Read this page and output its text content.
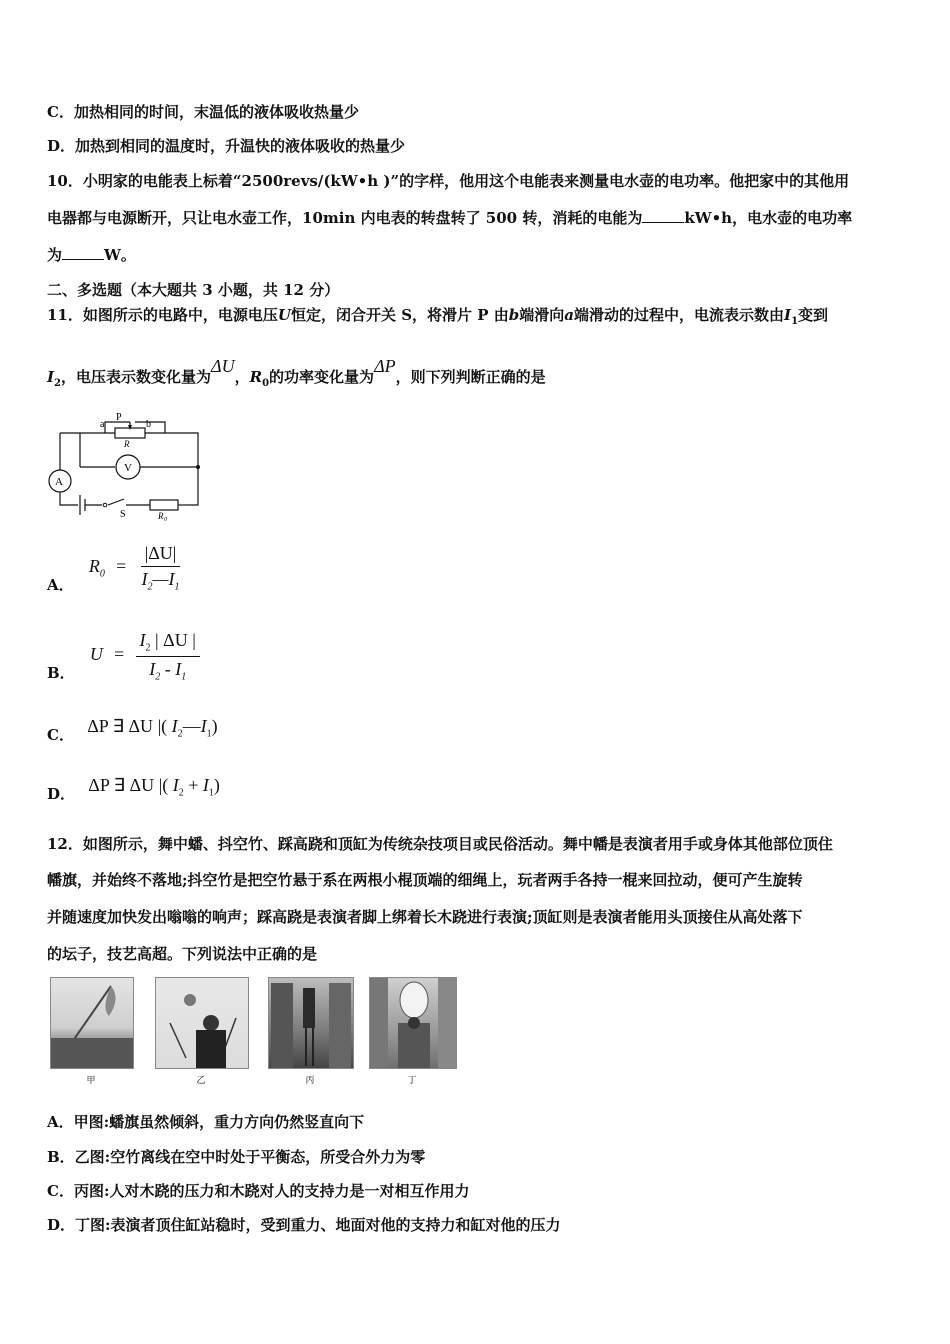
C．加热相同的时间，末温低的液体吸收热量少
D．加热到相同的温度时，升温快的液体吸收的热量少
10．小明家的电能表上标着“2500revs/(kW•h )”的字样，他用这个电能表来测量电水壶的电功率。他把家中的其他用
电器都与电源断开，只让电水壶工作，10min 内电表的转盘转了 500 转，消耗的电能为	kW•h，电水壶的电功率
为	W。
二、多选题（本大题共 3 小题，共 12 分）
11．如图所示的电路中，电源电压U恒定，闭合开关 S，将滑片 P 由b端滑向a端滑动的过程中，电流表示数由$I_1$变到
$I_2$，电压表示数变化量为ΔU，$R_0$的功率变化量为ΔP，则下列判断正确的是
a
P
b
R
V
A
S	R 0
A． $R_0 = \frac{|\Delta U|}{I_2—I_1}$
B． $U = \frac{I_2 | \Delta U |}{I_2 - I_1}$
C． ΔP ∃ ΔU |( $I_2—I_1$)
D． ΔP ∃ ΔU |( $I_2 + I_1$)
12．如图所示，舞中蟠、抖空竹、踩高跷和顶缸为传统杂技项目或民俗活动。舞中幡是表演者用手或身体其他部位顶住
幡旗，并始终不落地;抖空竹是把空竹悬于系在两根小棍顶端的细绳上，玩者两手各持一棍来回拉动，便可产生旋转
并随速度加快发出嗡嗡的响声；踩高跷是表演者脚上绑着长木跷进行表演;顶缸则是表演者能用头顶接住从高处落下
的坛子，技艺高超。下列说法中正确的是
甲	乙	丙	丁
A．甲图:蟠旗虽然倾斜，重力方向仍然竖直向下
B．乙图:空竹离线在空中时处于平衡态，所受合外力为零
C．丙图:人对木跷的压力和木跷对人的支持力是一对相互作用力
D．丁图:表演者顶住缸站稳时，受到重力、地面对他的支持力和缸对他的压力
